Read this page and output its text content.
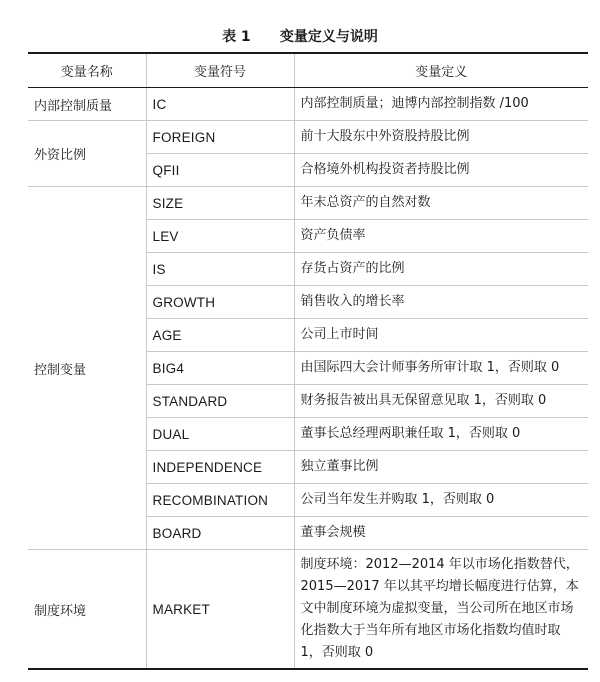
表 1      变量定义与说明
变量名称	变量符号	变量定义
内部控制质量	IC	内部控制质量；迪博内部控制指数 /100
外资比例	FOREIGN	前十大股东中外资股持股比例
	QFII	合格境外机构投资者持股比例
控制变量	SIZE	年末总资产的自然对数
	LEV	资产负债率
	IS	存货占资产的比例
	GROWTH	销售收入的增长率
	AGE	公司上市时间
	BIG4	由国际四大会计师事务所审计取 1，否则取 0
	STANDARD	财务报告被出具无保留意见取 1，否则取 0
	DUAL	董事长总经理两职兼任取 1，否则取 0
	INDEPENDENCE	独立董事比例
	RECOMBINATION	公司当年发生并购取 1，否则取 0
	BOARD	董事会规模
制度环境	MARKET	制度环境：2012—2014 年以市场化指数替代，2015—2017 年以其平均增长幅度进行估算，本文中制度环境为虚拟变量，当公司所在地区市场化指数大于当年所有地区市场化指数均值时取 1，否则取 0
